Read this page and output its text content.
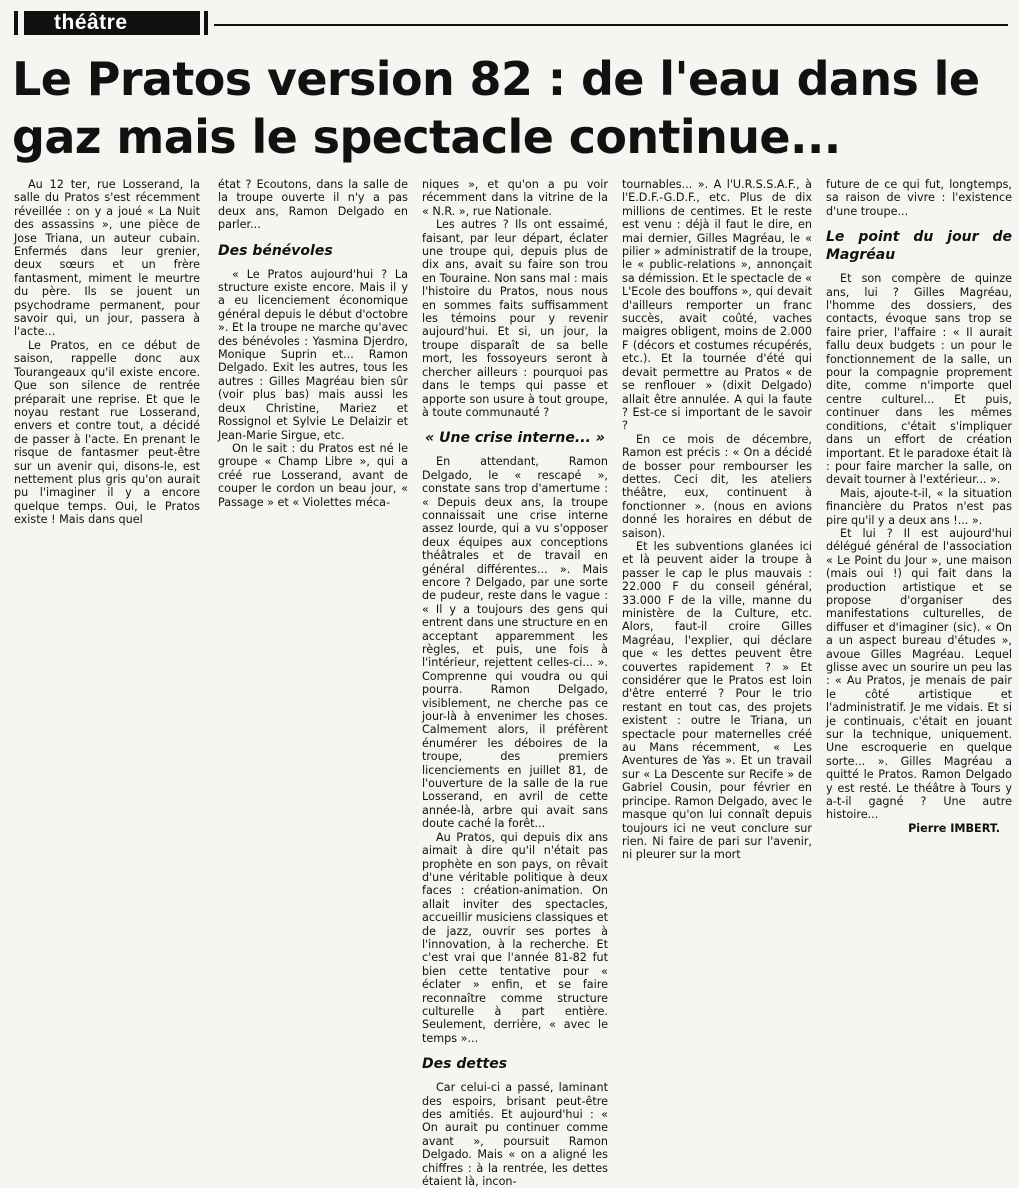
théâtre
Le Pratos version 82 : de l'eau dans le gaz mais le spectacle continue...

Au 12 ter, rue Losserand, la salle du Pratos s'est récemment réveillée : on y a joué « La Nuit des assassins », une pièce de Jose Triana, un auteur cubain. Enfermés dans leur grenier, deux sœurs et un frère fantasment, miment le meurtre du père. Ils se jouent un psychodrame permanent, pour savoir qui, un jour, passera à l'acte...

Le Pratos, en ce début de saison, rappelle donc aux Tourangeaux qu'il existe encore. Que son silence de rentrée préparait une reprise. Et que le noyau restant rue Losserand, envers et contre tout, a décidé de passer à l'acte. En prenant le risque de fantasmer peut-être sur un avenir qui, disons-le, est nettement plus gris qu'on aurait pu l'imaginer il y a encore quelque temps. Oui, le Pratos existe ! Mais dans quel

état ? Ecoutons, dans la salle de la troupe ouverte il n'y a pas deux ans, Ramon Delgado en parler...

Des bénévoles

« Le Pratos aujourd'hui ? La structure existe encore. Mais il y a eu licenciement économique général depuis le début d'octobre ». Et la troupe ne marche qu'avec des bénévoles : Yasmina Djerdro, Monique Suprin et... Ramon Delgado. Exit les autres, tous les autres : Gilles Magréau bien sûr (voir plus bas) mais aussi les deux Christine, Mariez et Rossignol et Sylvie Le Delaizir et Jean-Marie Sirgue, etc.

On le sait : du Pratos est né le groupe « Champ Libre », qui a créé rue Losserand, avant de couper le cordon un beau jour, « Passage » et « Violettes méca-

niques », et qu'on a pu voir récemment dans la vitrine de la « N.R. », rue Nationale.

Les autres ? Ils ont essaimé, faisant, par leur départ, éclater une troupe qui, depuis plus de dix ans, avait su faire son trou en Touraine. Non sans mal : mais l'histoire du Pratos, nous nous en sommes faits suffisamment les témoins pour y revenir aujourd'hui. Et si, un jour, la troupe disparaît de sa belle mort, les fossoyeurs seront à chercher ailleurs : pourquoi pas dans le temps qui passe et apporte son usure à tout groupe, à toute communauté ?

« Une crise interne... »

En attendant, Ramon Delgado, le « rescapé », constate sans trop d'amertume : « Depuis deux ans, la troupe connaissait une crise interne assez lourde, qui a vu s'opposer deux équipes aux conceptions théâtrales et de travail en général différentes... ». Mais encore ? Delgado, par une sorte de pudeur, reste dans le vague : « Il y a toujours des gens qui entrent dans une structure en en acceptant apparemment les règles, et puis, une fois à l'intérieur, rejettent celles-ci... ». Comprenne qui voudra ou qui pourra. Ramon Delgado, visiblement, ne cherche pas ce jour-là à envenimer les choses. Calmement alors, il préfèrent énumérer les déboires de la troupe, des premiers licenciements en juillet 81, de l'ouverture de la salle de la rue Losserand, en avril de cette année-là, arbre qui avait sans doute caché la forêt...

Au Pratos, qui depuis dix ans aimait à dire qu'il n'était pas prophète en son pays, on rêvait d'une véritable politique à deux faces : création-animation. On allait inviter des spectacles, accueillir musiciens classiques et de jazz, ouvrir ses portes à l'innovation, à la recherche. Et c'est vrai que l'année 81-82 fut bien cette tentative pour « éclater » enfin, et se faire reconnaître comme structure culturelle à part entière. Seulement, derrière, « avec le temps »...

Des dettes

Car celui-ci a passé, laminant des espoirs, brisant peut-être des amitiés. Et aujourd'hui : « On aurait pu continuer comme avant », poursuit Ramon Delgado. Mais « on a aligné les chiffres : à la rentrée, les dettes étaient là, incon-

tournables... ». A l'U.R.S.S.A.F., à l'E.D.F.-G.D.F., etc. Plus de dix millions de centimes. Et le reste est venu : déjà il faut le dire, en mai dernier, Gilles Magréau, le « pilier » administratif de la troupe, le « public-relations », annonçait sa démission. Et le spectacle de « L'Ecole des bouffons », qui devait d'ailleurs remporter un franc succès, avait coûté, vaches maigres obligent, moins de 2.000 F (décors et costumes récupérés, etc.). Et la tournée d'été qui devait permettre au Pratos « de se renflouer » (dixit Delgado) allait être annulée. A qui la faute ? Est-ce si important de le savoir ?

En ce mois de décembre, Ramon est précis : « On a décidé de bosser pour rembourser les dettes. Ceci dit, les ateliers théâtre, eux, continuent à fonctionner ». (nous en avions donné les horaires en début de saison).

Et les subventions glanées ici et là peuvent aider la troupe à passer le cap le plus mauvais : 22.000 F du conseil général, 33.000 F de la ville, manne du ministère de la Culture, etc. Alors, faut-il croire Gilles Magréau, l'explier, qui déclare que « les dettes peuvent être couvertes rapidement ? » Et considérer que le Pratos est loin d'être enterré ? Pour le trio restant en tout cas, des projets existent : outre le Triana, un spectacle pour maternelles créé au Mans récemment, « Les Aventures de Yas ». Et un travail sur « La Descente sur Recife » de Gabriel Cousin, pour février en principe. Ramon Delgado, avec le masque qu'on lui connaît depuis toujours ici ne veut conclure sur rien. Ni faire de pari sur l'avenir, ni pleurer sur la mort

future de ce qui fut, longtemps, sa raison de vivre : l'existence d'une troupe...

Le point du jour de Magréau

Et son compère de quinze ans, lui ? Gilles Magréau, l'homme des dossiers, des contacts, évoque sans trop se faire prier, l'affaire : « Il aurait fallu deux budgets : un pour le fonctionnement de la salle, un pour la compagnie proprement dite, comme n'importe quel centre culturel... Et puis, continuer dans les mêmes conditions, c'était s'impliquer dans un effort de création important. Et le paradoxe était là : pour faire marcher la salle, on devait tourner à l'extérieur... ».

Mais, ajoute-t-il, « la situation financière du Pratos n'est pas pire qu'il y a deux ans !... ».

Et lui ? Il est aujourd'hui délégué général de l'association « Le Point du Jour », une maison (mais oui !) qui fait dans la production artistique et se propose d'organiser des manifestations culturelles, de diffuser et d'imaginer (sic). « On a un aspect bureau d'études », avoue Gilles Magréau. Lequel glisse avec un sourire un peu las : « Au Pratos, je menais de pair le côté artistique et l'administratif. Je me vidais. Et si je continuais, c'était en jouant sur la technique, uniquement. Une escroquerie en quelque sorte... ». Gilles Magréau a quitté le Pratos. Ramon Delgado y est resté. Le théâtre à Tours y a-t-il gagné ? Une autre histoire...

Pierre IMBERT.
